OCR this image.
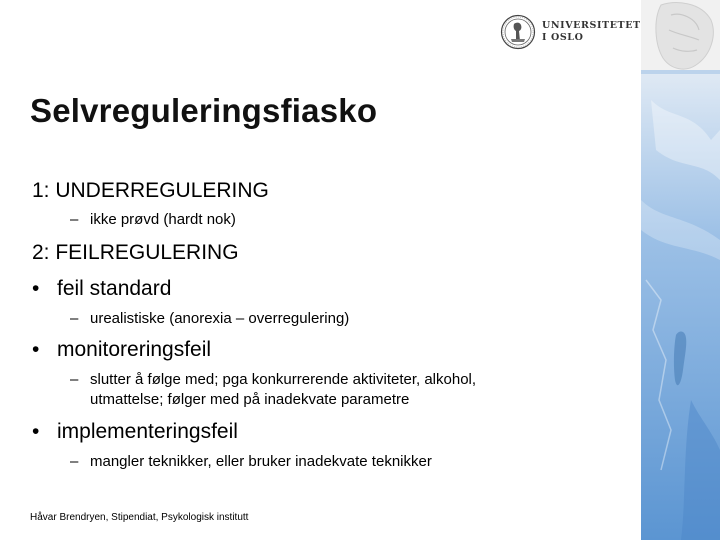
UNIVERSITETET
I OSLO
Selvreguleringsfiasko
1: UNDERREGULERING
– ikke prøvd (hardt nok)
2: FEILREGULERING
• feil standard
– urealistiske (anorexia – overregulering)
• monitoreringsfeil
– slutter å følge med; pga konkurrerende aktiviteter, alkohol,
utmattelse; følger med på inadekvate parametre
• implementeringsfeil
– mangler teknikker, eller bruker inadekvate teknikker
Håvar Brendryen, Stipendiat, Psykologisk institutt
